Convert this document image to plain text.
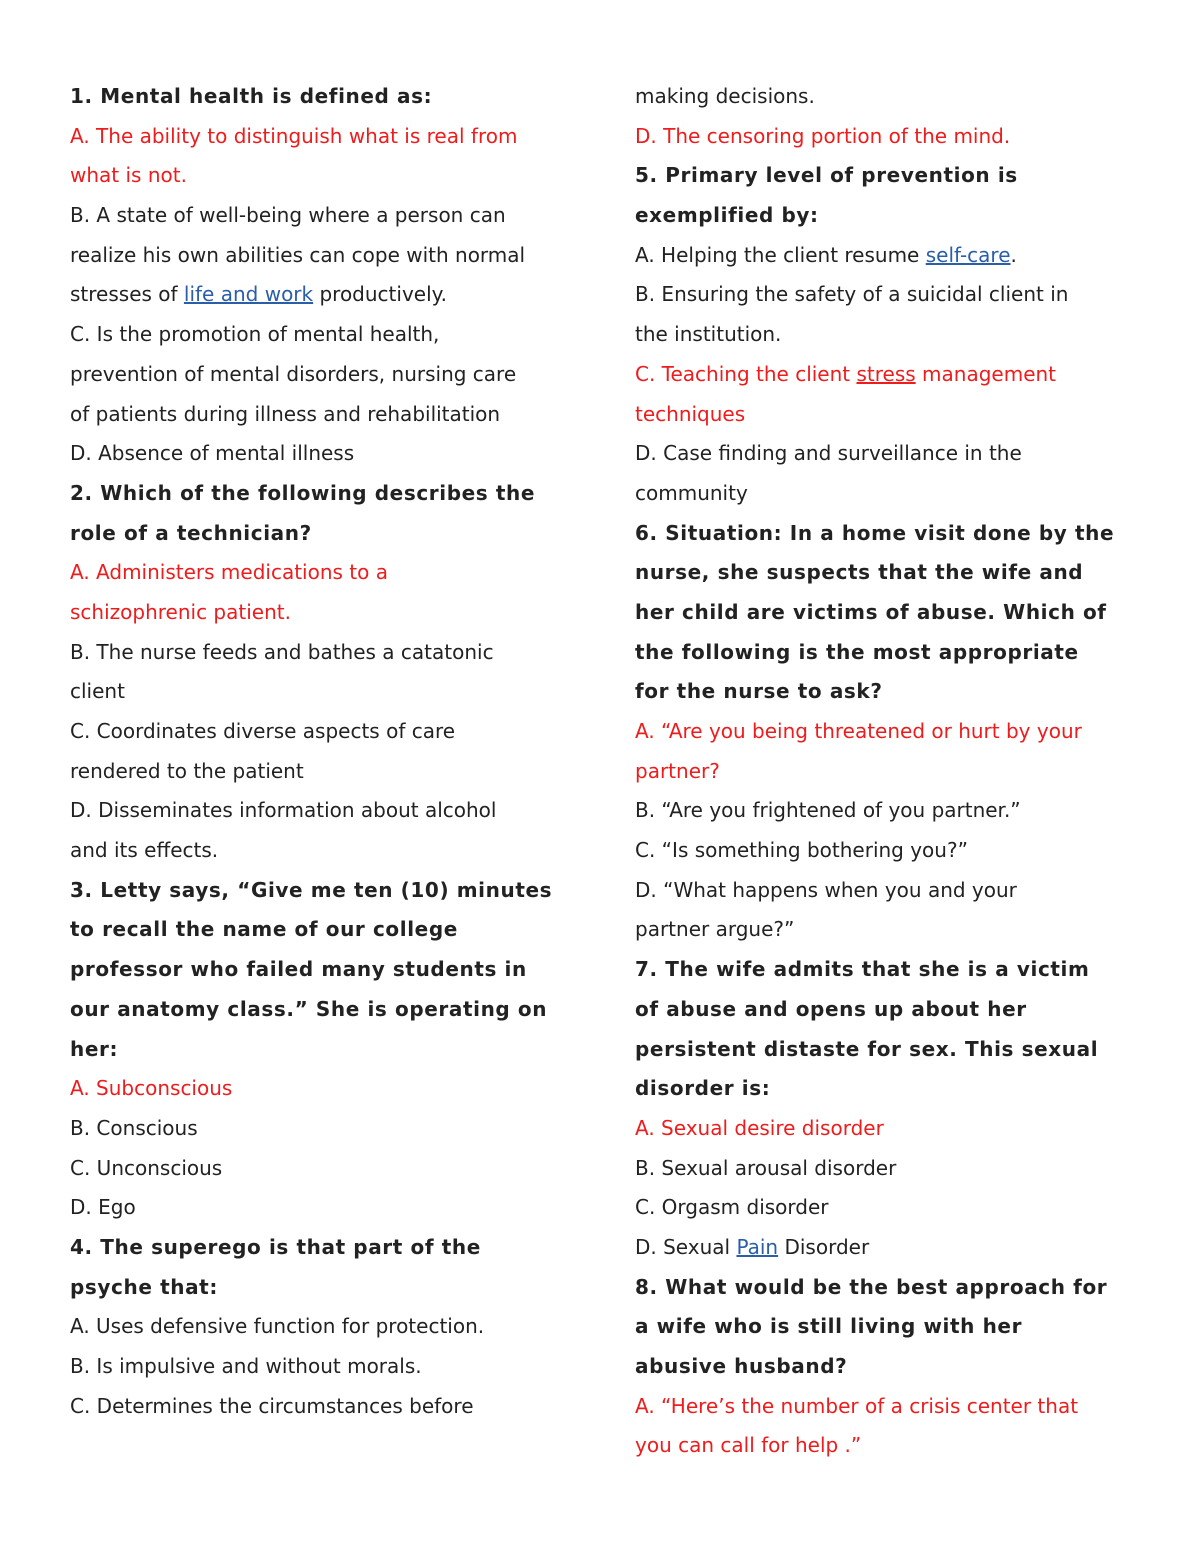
1. Mental health is defined as:
A. The ability to distinguish what is real from
what is not.
B. A state of well-being where a person can
realize his own abilities can cope with normal
stresses of life and work productively.
C. Is the promotion of mental health,
prevention of mental disorders, nursing care
of patients during illness and rehabilitation
D. Absence of mental illness
2. Which of the following describes the
role of a technician?
A. Administers medications to a
schizophrenic patient.
B. The nurse feeds and bathes a catatonic
client
C. Coordinates diverse aspects of care
rendered to the patient
D. Disseminates information about alcohol
and its effects.
3. Letty says, “Give me ten (10) minutes
to recall the name of our college
professor who failed many students in
our anatomy class.” She is operating on
her:
A. Subconscious
B. Conscious
C. Unconscious
D. Ego
4. The superego is that part of the
psyche that:
A. Uses defensive function for protection.
B. Is impulsive and without morals.
C. Determines the circumstances before
making decisions.
D. The censoring portion of the mind.
5. Primary level of prevention is
exemplified by:
A. Helping the client resume self-care.
B. Ensuring the safety of a suicidal client in
the institution.
C. Teaching the client stress management
techniques
D. Case finding and surveillance in the
community
6. Situation: In a home visit done by the
nurse, she suspects that the wife and
her child are victims of abuse. Which of
the following is the most appropriate
for the nurse to ask?
A. “Are you being threatened or hurt by your
partner?
B. “Are you frightened of you partner.”
C. “Is something bothering you?”
D. “What happens when you and your
partner argue?”
7. The wife admits that she is a victim
of abuse and opens up about her
persistent distaste for sex. This sexual
disorder is:
A. Sexual desire disorder
B. Sexual arousal disorder
C. Orgasm disorder
D. Sexual Pain Disorder
8. What would be the best approach for
a wife who is still living with her
abusive husband?
A. “Here’s the number of a crisis center that
you can call for help .”
